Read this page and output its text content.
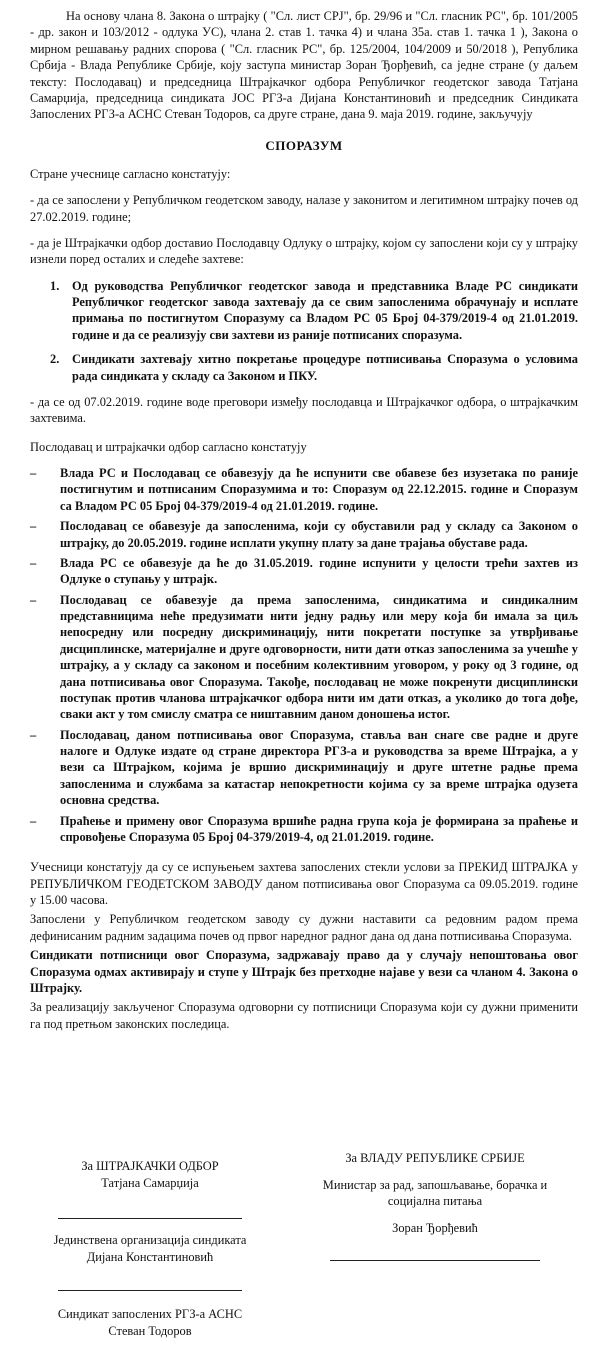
На основу члана 8. Закона о штрајку ( "Сл. лист СРЈ", бр. 29/96 и "Сл. гласник РС", бр. 101/2005 - др. закон и 103/2012 - одлука УС), члана 2. став 1. тачка 4) и члана 35а. став 1. тачка 1 ), Закона о мирном решавању радних спорова ( "Сл. гласник РС", бр. 125/2004, 104/2009 и 50/2018 ), Република Србија - Влада Републике Србије, коју заступа министар Зоран Ђорђевић, са једне стране (у даљем тексту: Послодавац) и председница Штрајкачког одбора Републичког геодетског завода Татјана Самарџија, председница синдиката ЈОС РГЗ-а Дијана Константиновић и председник Синдиката Запослених РГЗ-а АСНС Стеван Тодоров, са друге стране, дана 9. маја 2019. године, закључују

СПОРАЗУМ

Стране учеснице сагласно констатују:

- да се запослени у Републичком геодетском заводу, налазе у законитом и легитимном штрајку почев од 27.02.2019. године;

- да је Штрајкачки одбор доставио Послодавцу Одлуку о штрајку, којом су запослени који су у штрајку изнели поред осталих и следеће захтеве:

1.	Од руководства Републичког геодетског завода и представника Владе РС синдикати Републичког геодетског завода захтевају да се свим запосленима обрачунају и исплате примања по постигнутом Споразуму са Владом РС 05 Број 04-379/2019-4 од 21.01.2019. године и да се реализују сви захтеви из раније потписаних споразума.
2.	Синдикати захтевају хитно покретање процедуре потписивања Споразума о условима рада синдиката у складу са Законом и ПКУ.

- да се од 07.02.2019. године воде преговори између послодавца и Штрајкачког одбора, о штрајкачким захтевима.

Послодавац и штрајкачки одбор сагласно констатују

–	Влада РС и Послодавац се обавезују да ће испунити све обавезе без изузетака по раније постигнутим и потписаним Споразумима и то: Споразум од 22.12.2015. године и Споразум са Владом РС 05 Број 04-379/2019-4 од 21.01.2019. године.
–	Послодавац се обавезује да запосленима, који су обуставили рад у складу са Законом о штрајку, до 20.05.2019. године исплати укупну плату за дане трајања обуставе рада.
–	Влада РС се обавезује да ће до 31.05.2019. године испунити у целости трећи захтев из Одлуке о ступању у штрајк.
–	Послодавац се обавезује да према запосленима, синдикатима и синдикалним представницима неће предузимати нити једну радњу или меру која би имала за циљ непосредну или посредну дискриминацију, нити покретати поступке за утврђивање дисциплинске, материјалне и друге одговорности, нити дати отказ запосленима за учешће у штрајку, а у складу са законом и посебним колективним уговором, у року од 3 године, од дана потписивања овог Споразума. Такође, послодавац не може покренути дисциплински поступак против чланова штрајкачког одбора нити им дати отказ, а уколико до тога дође, сваки акт у том смислу сматра се ништавним даном доношења истог.
–	Послодавац, даном потписивања овог Споразума, ставља ван снаге све радне и друге налоге и Одлуке издате од стране директора РГЗ-а и руководства за време Штрајка, а у вези са Штрајком, којима је вршио дискриминацију и друге штетне радње према запосленима и службама за катастар непокретности којима су за време штрајка одузета основна средства.
–	Праћење и примену овог Споразума вршиће радна група која је формирана за праћење и спровођење Споразума 05 Број 04-379/2019-4, од 21.01.2019. године.

Учесници констатују да су се испуњењем захтева запослених стекли услови за ПРЕКИД ШТРАЈКА у РЕПУБЛИЧКОМ ГЕОДЕТСКОМ ЗАВОДУ даном потписивања овог Споразума са 09.05.2019. године у 15.00 часова.

Запослени у Републичком геодетском заводу су дужни наставити са редовним радом према дефинисаним радним задацима почев од првог наредног радног дана од дана потписивања Споразума.

Синдикати потписници овог Споразума, задржавају право да у случају непоштовања овог Споразума одмах активирају и ступе у Штрајк без претходне најаве у вези са чланом 4. Закона о Штрајку.

За реализацију закљученог Споразума одговорни су потписници Споразума који су дужни применити га под претњом законских последица.

За ШТРАЈКАЧКИ ОДБОР
Татјана Самарџија
Јединствена организација синдиката
Дијана Константиновић
Синдикат запослених РГЗ-а АСНС
Стеван Тодоров
За ВЛАДУ РЕПУБЛИКЕ СРБИЈЕ
Министар за рад, запошљавање, борачка и
социјална питања
Зоран Ђорђевић
